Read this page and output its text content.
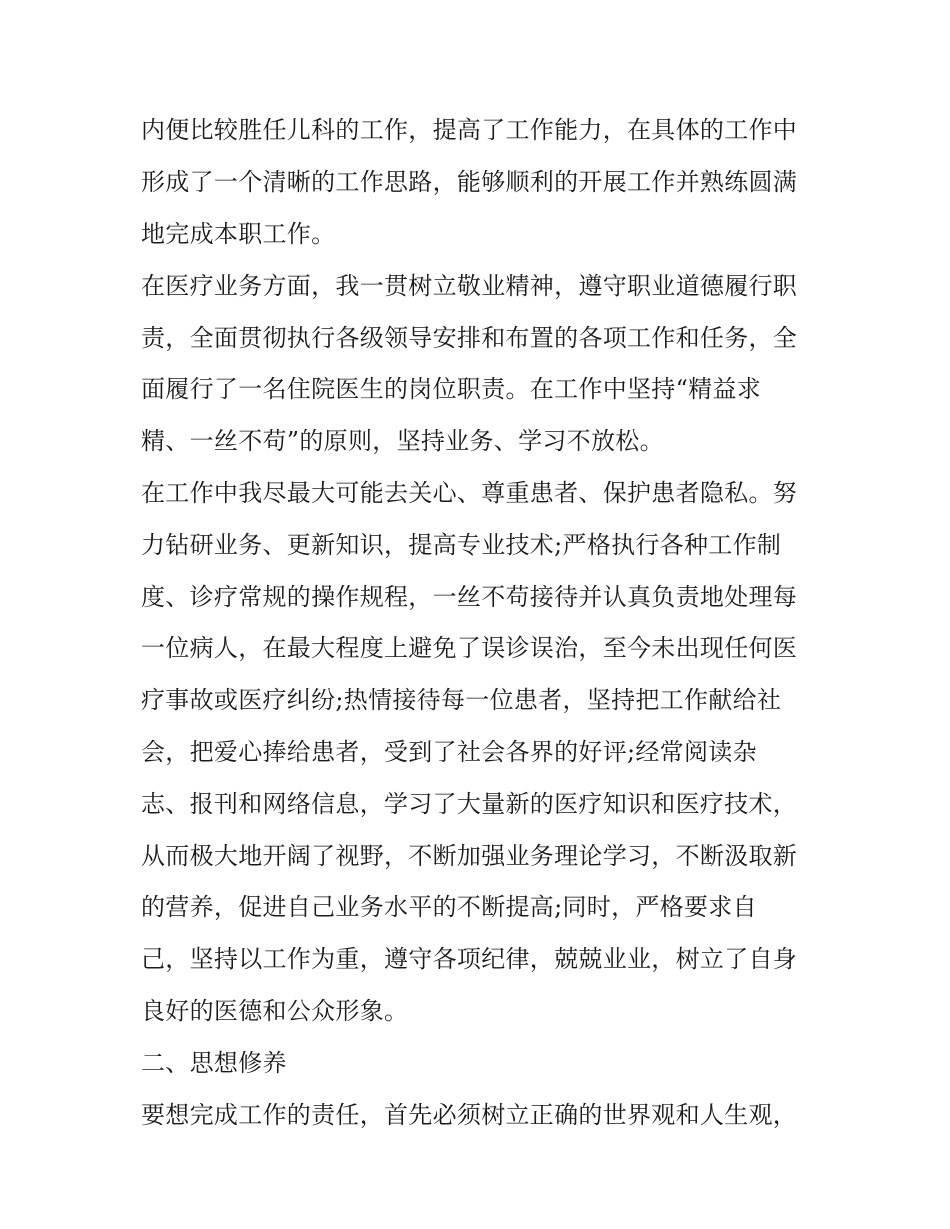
内便比较胜任儿科的工作，提高了工作能力，在具体的工作中
形成了一个清晰的工作思路，能够顺利的开展工作并熟练圆满
地完成本职工作。
在医疗业务方面，我一贯树立敬业精神，遵守职业道德履行职
责，全面贯彻执行各级领导安排和布置的各项工作和任务，全
面履行了一名住院医生的岗位职责。在工作中坚持“精益求
精、一丝不苟”的原则，坚持业务、学习不放松。
在工作中我尽最大可能去关心、尊重患者、保护患者隐私。努
力钻研业务、更新知识，提高专业技术;严格执行各种工作制
度、诊疗常规的操作规程，一丝不苟接待并认真负责地处理每
一位病人，在最大程度上避免了误诊误治，至今未出现任何医
疗事故或医疗纠纷;热情接待每一位患者，坚持把工作献给社
会，把爱心捧给患者，受到了社会各界的好评;经常阅读杂
志、报刊和网络信息，学习了大量新的医疗知识和医疗技术，
从而极大地开阔了视野，不断加强业务理论学习，不断汲取新
的营养，促进自己业务水平的不断提高;同时，严格要求自
己，坚持以工作为重，遵守各项纪律，兢兢业业，树立了自身
良好的医德和公众形象。
二、思想修养
要想完成工作的责任，首先必须树立正确的世界观和人生观，
